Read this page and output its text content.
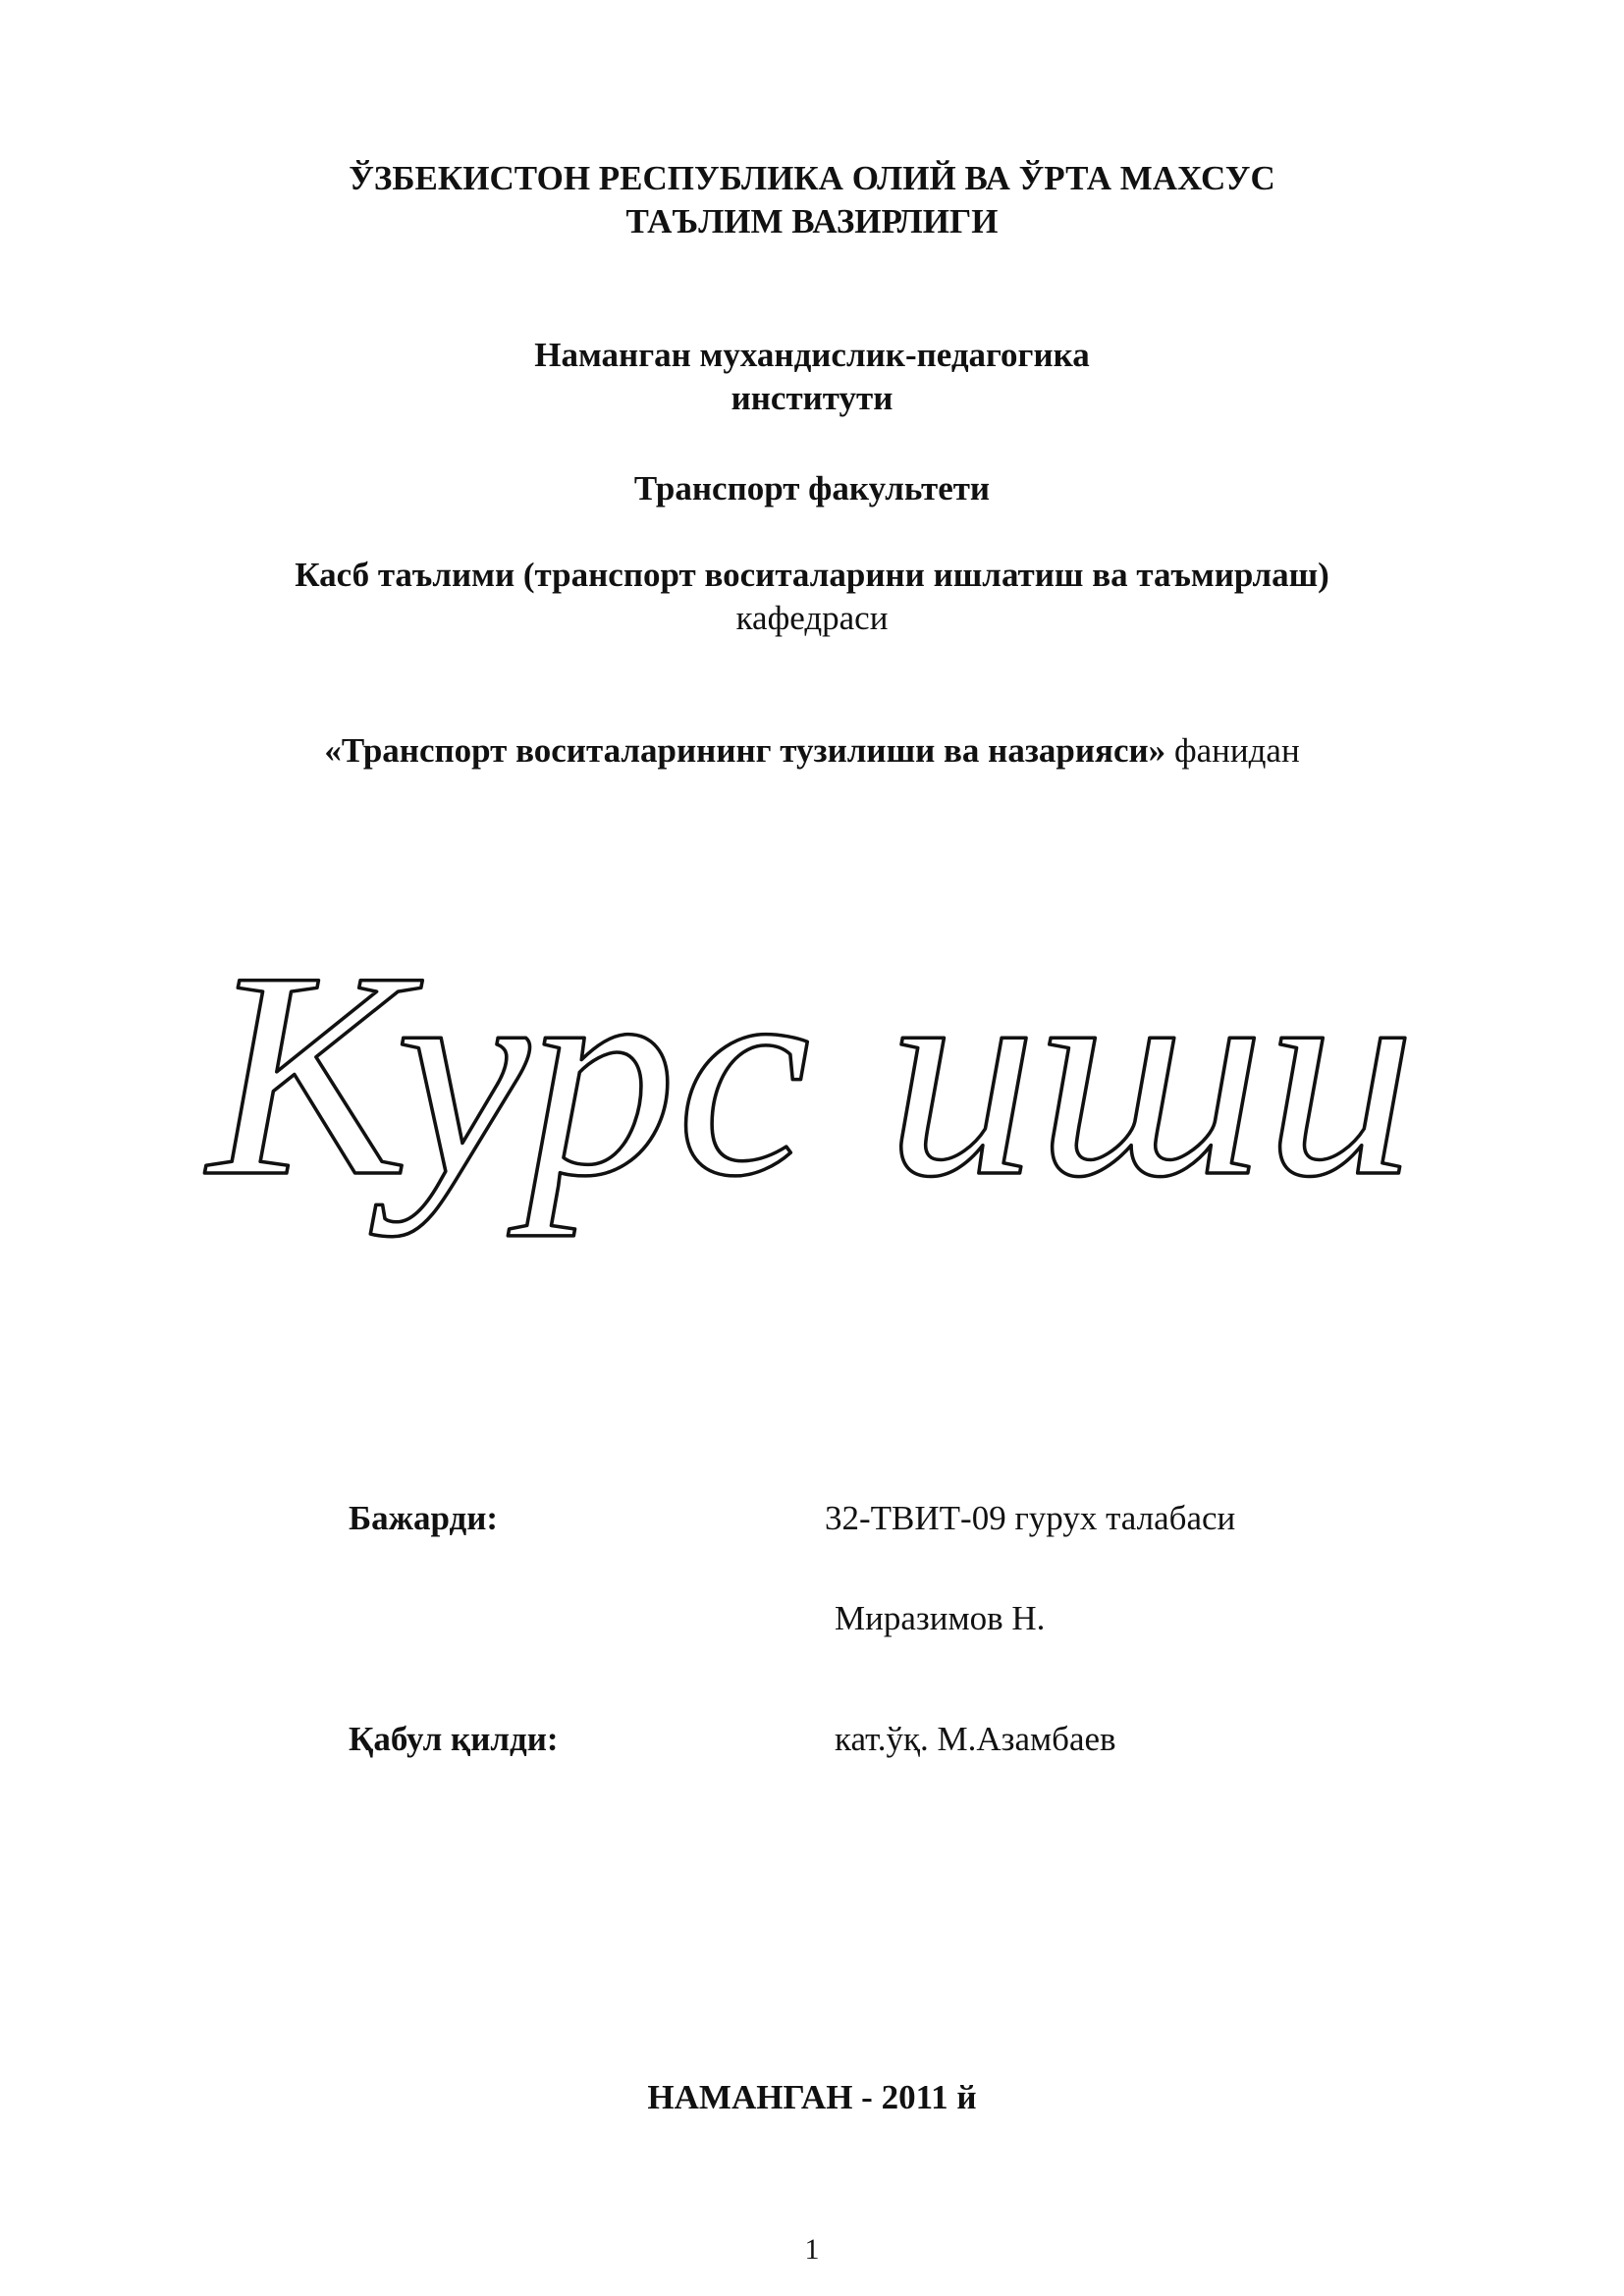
ЎЗБЕКИСТОН РЕСПУБЛИКА ОЛИЙ ВА ЎРТА МАХСУС
ТАЪЛИМ ВАЗИРЛИГИ
Наманган мухандислик-педагогика
институти
Транспорт факультети
Касб таълими (транспорт воситаларини ишлатиш ва таъмирлаш)
кафедраси
«Транспорт воситаларининг тузилиши ва назарияси» фанидан
Курс иши
Бажарди:	32-ТВИТ-09 гурух талабаси
Миразимов Н.
Қабул қилди:	кат.ўқ. М.Азамбаев
НАМАНГАН - 2011 й
1
